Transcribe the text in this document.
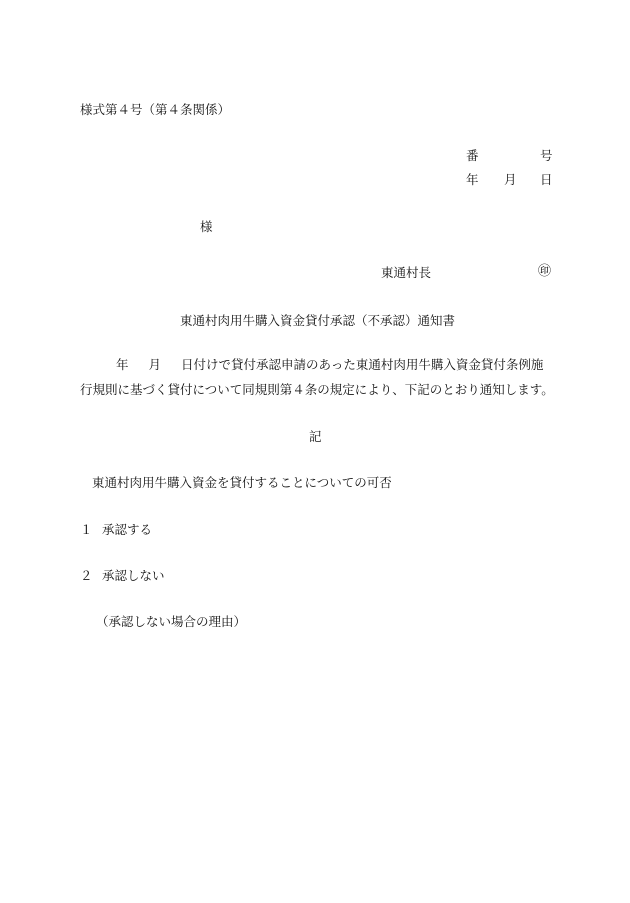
様式第４号（第４条関係）
番	号
年 月 日
様
東通村長	㊞
東通村肉用牛購入資金貸付承認（不承認）通知書
年 月 日付けで貸付承認申請のあった東通村肉用牛購入資金貸付条例施
行規則に基づく貸付について同規則第４条の規定により、下記のとおり通知します。
記
東通村肉用牛購入資金を貸付することについての可否
１ 承認する
２ 承認しない
（承認しない場合の理由）
